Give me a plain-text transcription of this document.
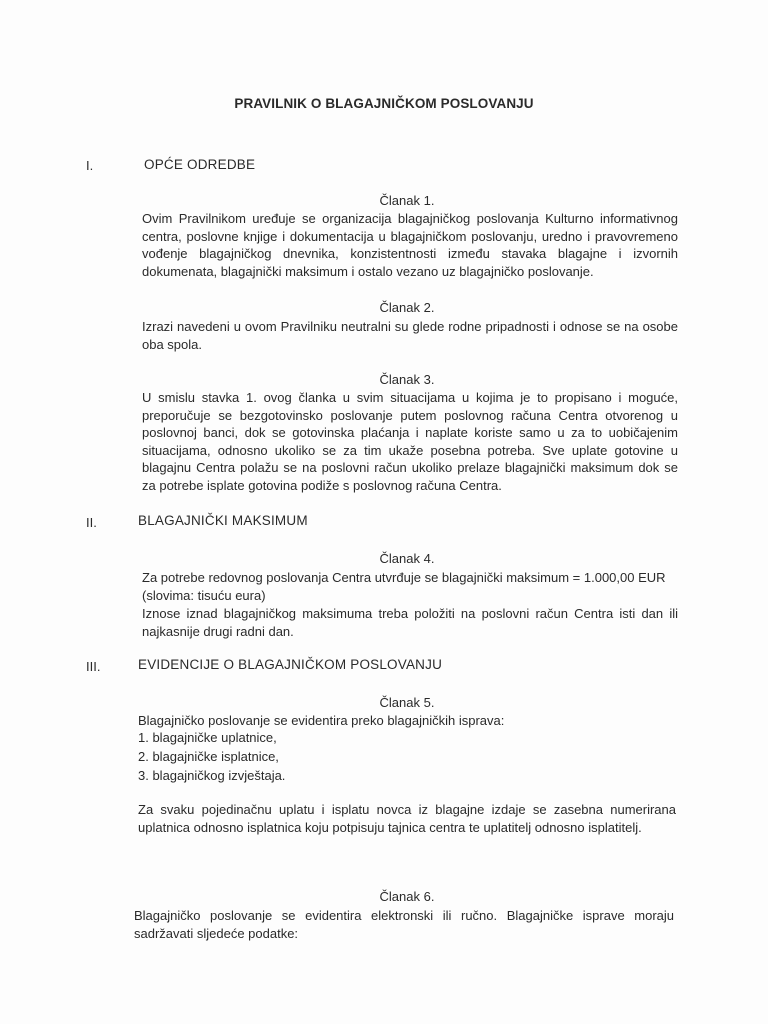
PRAVILNIK O BLAGAJNIČKOM POSLOVANJU
I.	OPĆE ODREDBE
Članak 1.
Ovim Pravilnikom uređuje se organizacija blagajničkog poslovanja Kulturno informativnog centra, poslovne knjige i dokumentacija u blagajničkom poslovanju, uredno i pravovremeno vođenje blagajničkog dnevnika, konzistentnosti između stavaka blagajne i izvornih dokumenata, blagajnički maksimum i ostalo vezano uz blagajničko poslovanje.
Članak 2.
Izrazi navedeni u ovom Pravilniku neutralni su glede rodne pripadnosti i odnose se na osobe oba spola.
Članak 3.
U smislu stavka 1. ovog članka u svim situacijama u kojima je to propisano i moguće, preporučuje se bezgotovinsko poslovanje putem poslovnog računa Centra otvorenog u poslovnoj banci, dok se gotovinska plaćanja i naplate koriste samo u za to uobičajenim situacijama, odnosno ukoliko se za tim ukaže posebna potreba. Sve uplate gotovine u blagajnu Centra polažu se na poslovni račun ukoliko prelaze blagajnički maksimum dok se za potrebe isplate gotovina podiže s poslovnog računa Centra.
II.	BLAGAJNIČKI MAKSIMUM
Članak 4.
Za potrebe redovnog poslovanja Centra utvrđuje se blagajnički maksimum = 1.000,00 EUR
(slovima: tisuću eura)
Iznose iznad blagajničkog maksimuma treba položiti na poslovni račun Centra isti dan ili najkasnije drugi radni dan.
III.	EVIDENCIJE O BLAGAJNIČKOM POSLOVANJU
Članak 5.
Blagajničko poslovanje se evidentira preko blagajničkih isprava:
1. blagajničke uplatnice,
2. blagajničke isplatnice,
3. blagajničkog izvještaja.
Za svaku pojedinačnu uplatu i isplatu novca iz blagajne izdaje se zasebna numerirana uplatnica odnosno isplatnica koju potpisuju tajnica centra te uplatitelj odnosno isplatitelj.
Članak 6.
Blagajničko poslovanje se evidentira elektronski ili ručno. Blagajničke isprave moraju sadržavati sljedeće podatke:
